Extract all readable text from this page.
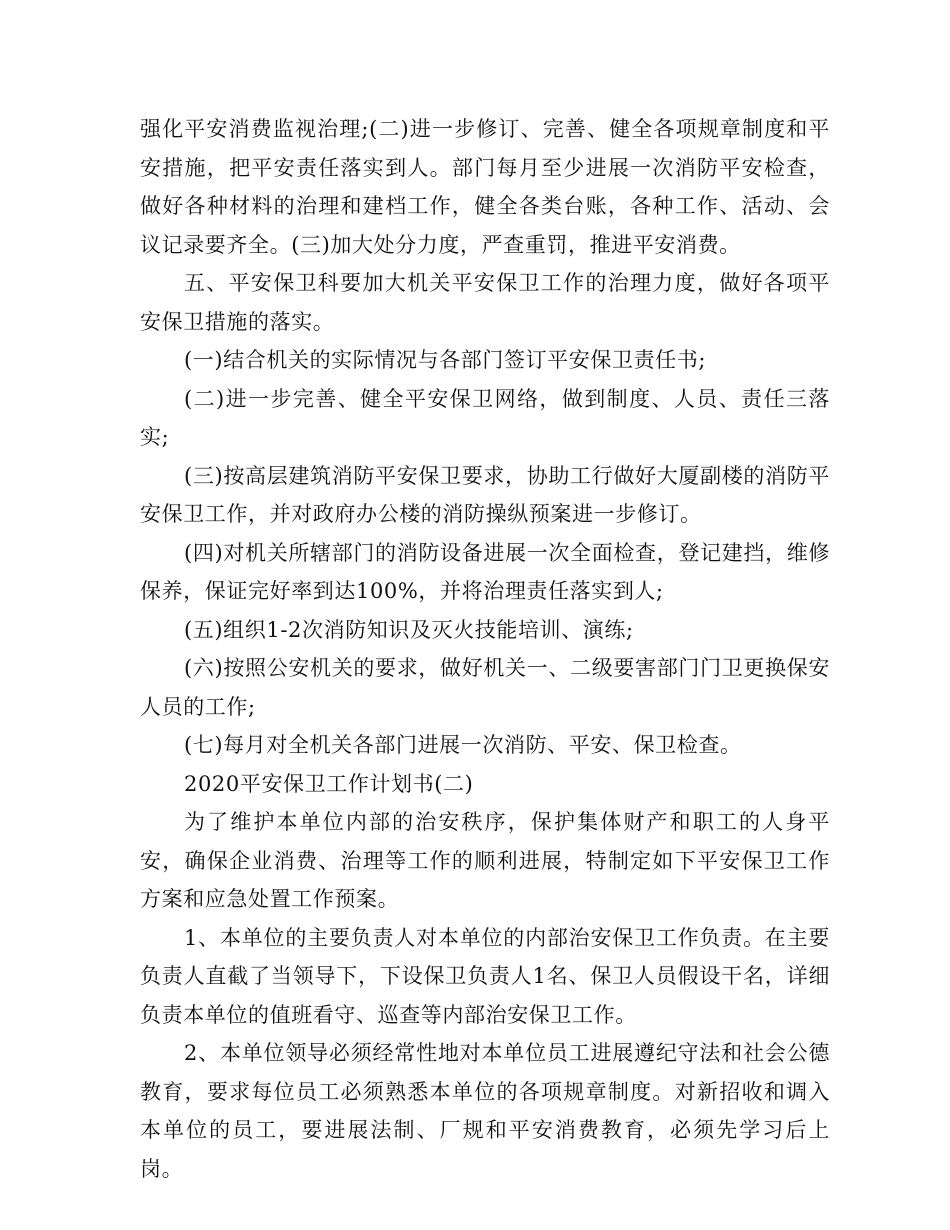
强化平安消费监视治理;(二)进一步修订、完善、健全各项规章制度和平安措施，把平安责任落实到人。部门每月至少进展一次消防平安检查，做好各种材料的治理和建档工作，健全各类台账，各种工作、活动、会议记录要齐全。(三)加大处分力度，严查重罚，推进平安消费。

五、平安保卫科要加大机关平安保卫工作的治理力度，做好各项平安保卫措施的落实。

(一)结合机关的实际情况与各部门签订平安保卫责任书;

(二)进一步完善、健全平安保卫网络，做到制度、人员、责任三落实;

(三)按高层建筑消防平安保卫要求，协助工行做好大厦副楼的消防平安保卫工作，并对政府办公楼的消防操纵预案进一步修订。

(四)对机关所辖部门的消防设备进展一次全面检查，登记建挡，维修保养，保证完好率到达100%，并将治理责任落实到人;

(五)组织1-2次消防知识及灭火技能培训、演练;

(六)按照公安机关的要求，做好机关一、二级要害部门门卫更换保安人员的工作;

(七)每月对全机关各部门进展一次消防、平安、保卫检查。

2020平安保卫工作计划书(二)

为了维护本单位内部的治安秩序，保护集体财产和职工的人身平安，确保企业消费、治理等工作的顺利进展，特制定如下平安保卫工作方案和应急处置工作预案。

1、本单位的主要负责人对本单位的内部治安保卫工作负责。在主要负责人直截了当领导下，下设保卫负责人1名、保卫人员假设干名，详细负责本单位的值班看守、巡查等内部治安保卫工作。

2、本单位领导必须经常性地对本单位员工进展遵纪守法和社会公德教育，要求每位员工必须熟悉本单位的各项规章制度。对新招收和调入本单位的员工，要进展法制、厂规和平安消费教育，必须先学习后上岗。
